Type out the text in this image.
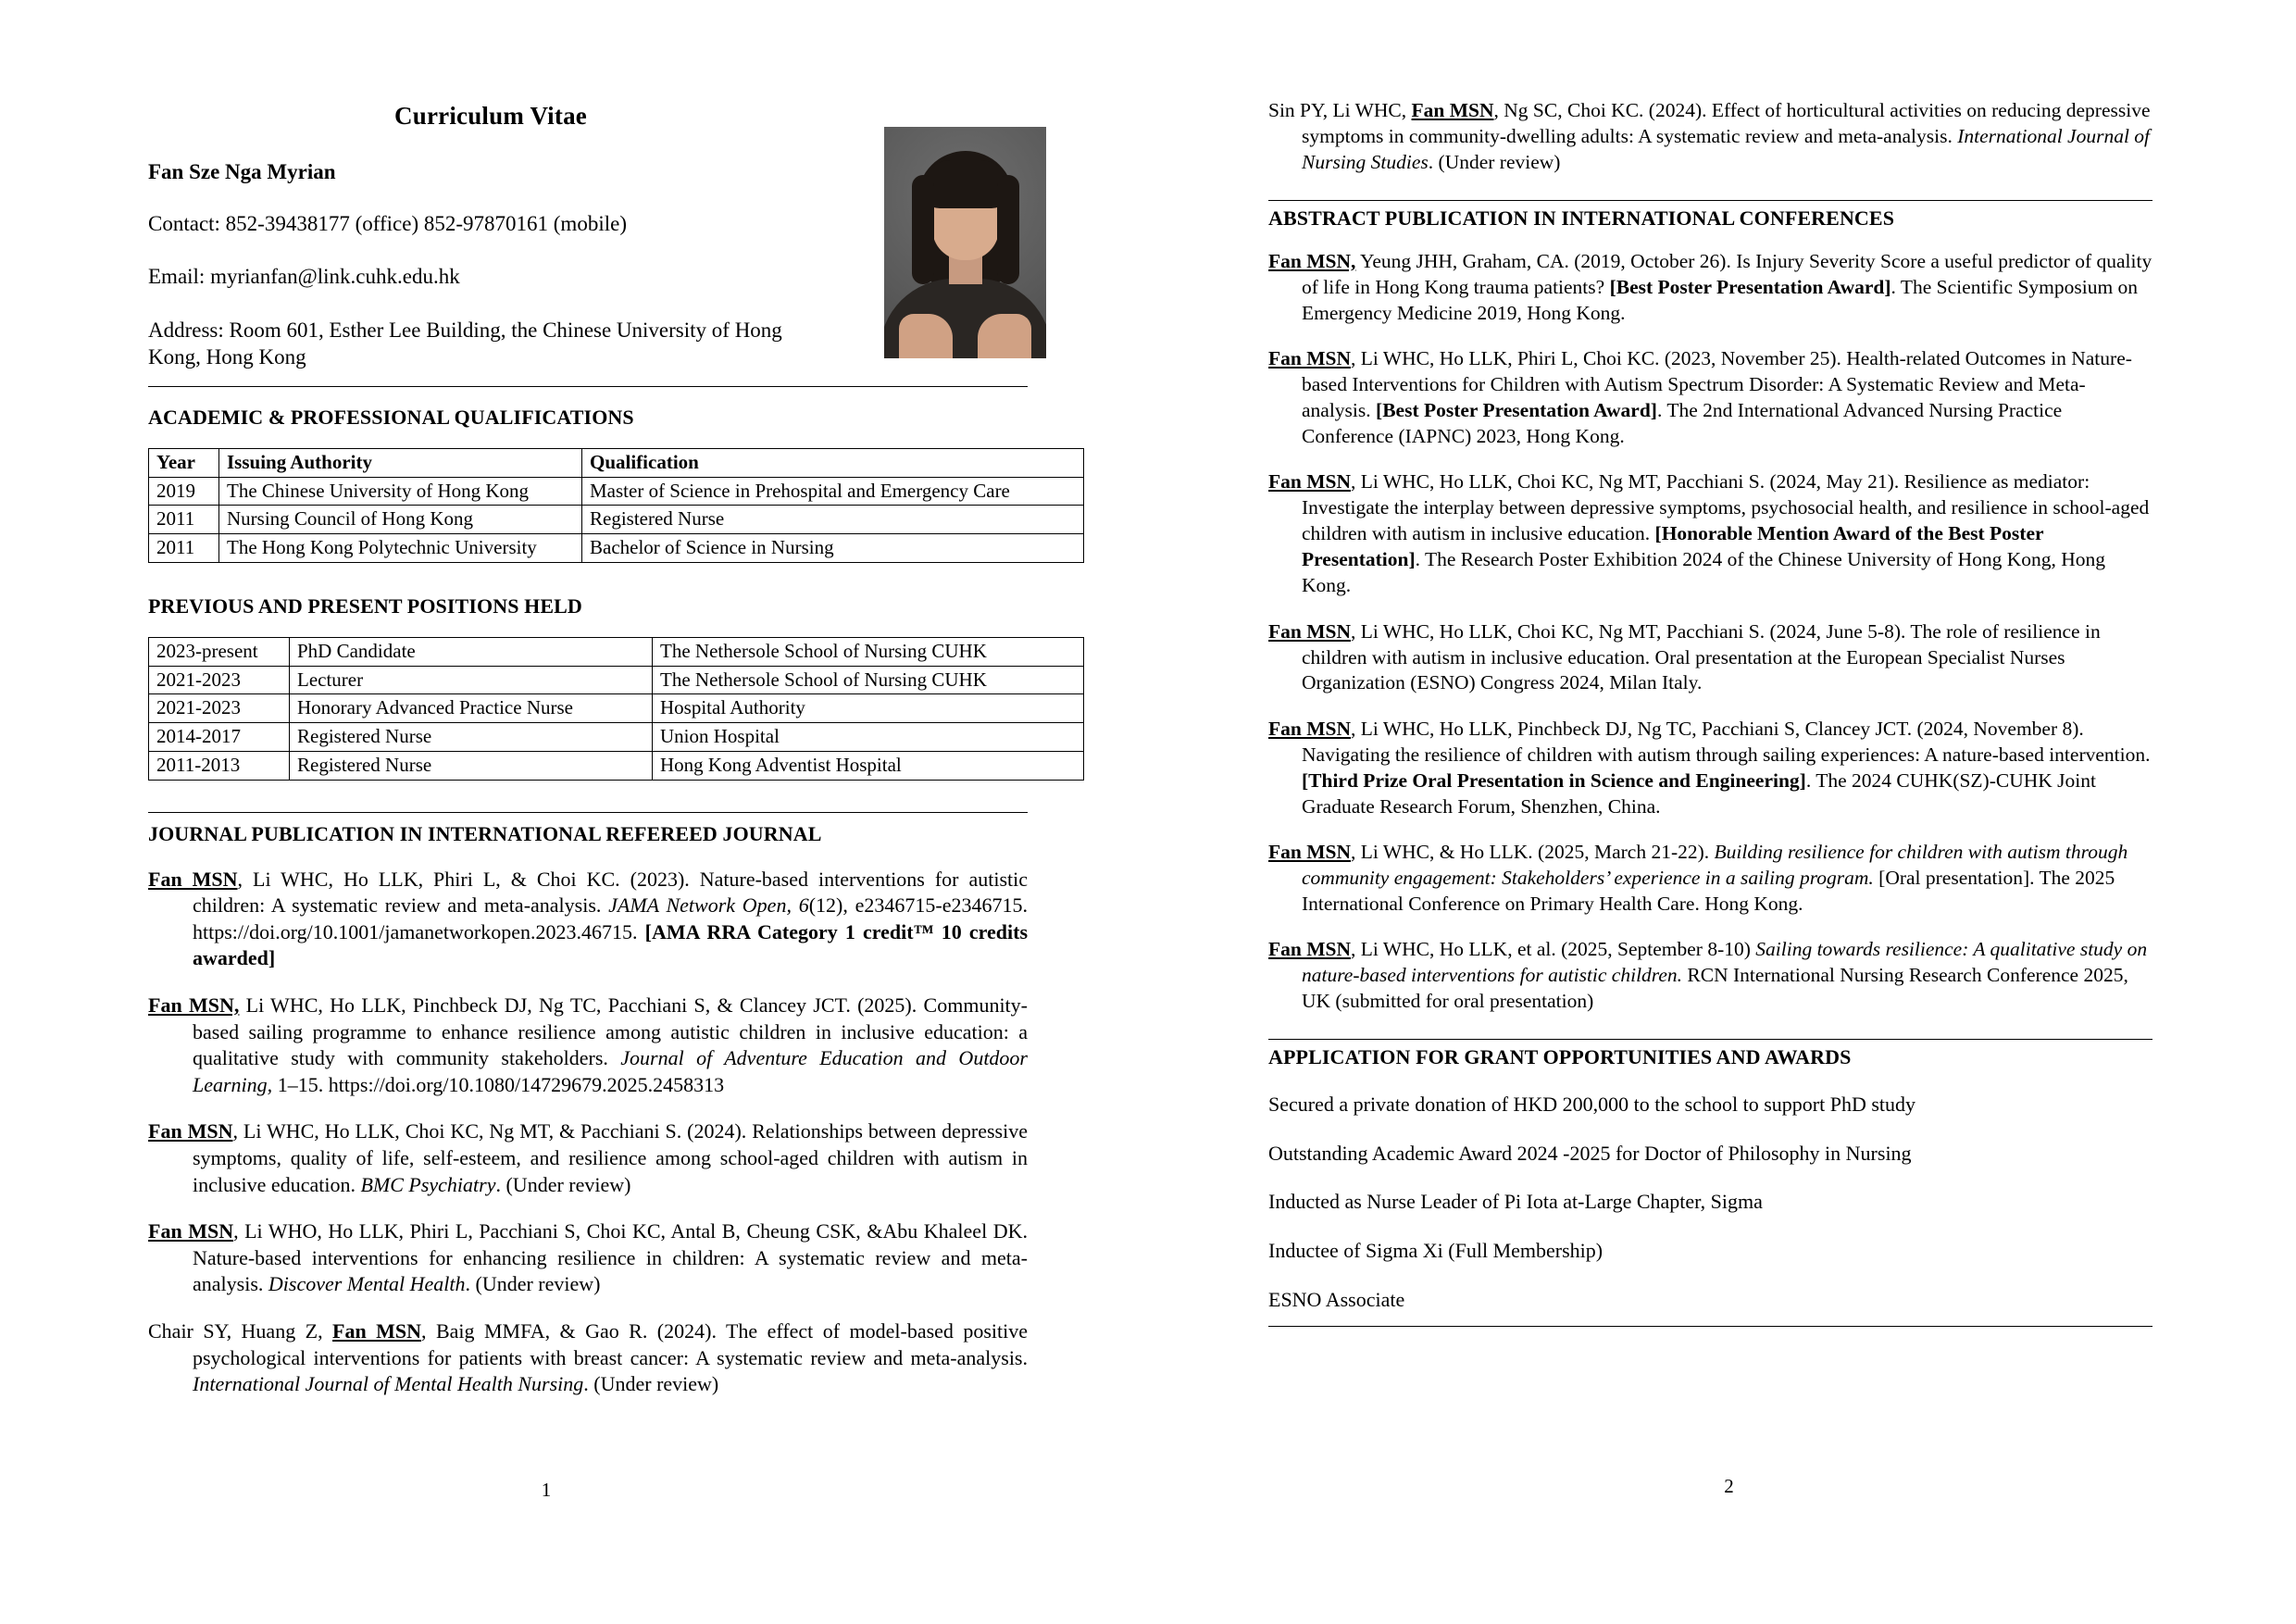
Curriculum Vitae
Fan Sze Nga Myrian
Contact: 852-39438177 (office) 852-97870161 (mobile)
Email: myrianfan@link.cuhk.edu.hk
Address: Room 601, Esther Lee Building, the Chinese University of Hong Kong, Hong Kong
ACADEMIC & PROFESSIONAL QUALIFICATIONS
Year	Issuing Authority	Qualification
2019	The Chinese University of Hong Kong	Master of Science in Prehospital and Emergency Care
2011	Nursing Council of Hong Kong	Registered Nurse
2011	The Hong Kong Polytechnic University	Bachelor of Science in Nursing
PREVIOUS AND PRESENT POSITIONS HELD
2023-present	PhD Candidate	The Nethersole School of Nursing CUHK
2021-2023	Lecturer	The Nethersole School of Nursing CUHK
2021-2023	Honorary Advanced Practice Nurse	Hospital Authority
2014-2017	Registered Nurse	Union Hospital
2011-2013	Registered Nurse	Hong Kong Adventist Hospital
JOURNAL PUBLICATION IN INTERNATIONAL REFEREED JOURNAL

Fan MSN, Li WHC, Ho LLK, Phiri L, & Choi KC. (2023). Nature-based interventions for autistic children: A systematic review and meta-analysis. JAMA Network Open, 6(12), e2346715-e2346715. https://doi.org/10.1001/jamanetworkopen.2023.46715. [AMA RRA Category 1 credit™ 10 credits awarded]

Fan MSN, Li WHC, Ho LLK, Pinchbeck DJ, Ng TC, Pacchiani S, & Clancey JCT. (2025). Community-based sailing programme to enhance resilience among autistic children in inclusive education: a qualitative study with community stakeholders. Journal of Adventure Education and Outdoor Learning, 1–15. https://doi.org/10.1080/14729679.2025.2458313

Fan MSN, Li WHC, Ho LLK, Choi KC, Ng MT, & Pacchiani S. (2024). Relationships between depressive symptoms, quality of life, self-esteem, and resilience among school-aged children with autism in inclusive education. BMC Psychiatry. (Under review)

Fan MSN, Li WHO, Ho LLK, Phiri L, Pacchiani S, Choi KC, Antal B, Cheung CSK, &Abu Khaleel DK. Nature-based interventions for enhancing resilience in children: A systematic review and meta-analysis. Discover Mental Health. (Under review)

Chair SY, Huang Z, Fan MSN, Baig MMFA, & Gao R. (2024). The effect of model-based positive psychological interventions for patients with breast cancer: A systematic review and meta-analysis. International Journal of Mental Health Nursing. (Under review)

1

Sin PY, Li WHC, Fan MSN, Ng SC, Choi KC. (2024). Effect of horticultural activities on reducing depressive symptoms in community-dwelling adults: A systematic review and meta-analysis. International Journal of Nursing Studies. (Under review)

ABSTRACT PUBLICATION IN INTERNATIONAL CONFERENCES

Fan MSN, Yeung JHH, Graham, CA. (2019, October 26). Is Injury Severity Score a useful predictor of quality of life in Hong Kong trauma patients? [Best Poster Presentation Award]. The Scientific Symposium on Emergency Medicine 2019, Hong Kong.

Fan MSN, Li WHC, Ho LLK, Phiri L, Choi KC. (2023, November 25). Health-related Outcomes in Nature-based Interventions for Children with Autism Spectrum Disorder: A Systematic Review and Meta-analysis. [Best Poster Presentation Award]. The 2nd International Advanced Nursing Practice Conference (IAPNC) 2023, Hong Kong.

Fan MSN, Li WHC, Ho LLK, Choi KC, Ng MT, Pacchiani S. (2024, May 21). Resilience as mediator: Investigate the interplay between depressive symptoms, psychosocial health, and resilience in school-aged children with autism in inclusive education. [Honorable Mention Award of the Best Poster Presentation]. The Research Poster Exhibition 2024 of the Chinese University of Hong Kong, Hong Kong.

Fan MSN, Li WHC, Ho LLK, Choi KC, Ng MT, Pacchiani S. (2024, June 5-8). The role of resilience in children with autism in inclusive education. Oral presentation at the European Specialist Nurses Organization (ESNO) Congress 2024, Milan Italy.

Fan MSN, Li WHC, Ho LLK, Pinchbeck DJ, Ng TC, Pacchiani S, Clancey JCT. (2024, November 8). Navigating the resilience of children with autism through sailing experiences: A nature-based intervention. [Third Prize Oral Presentation in Science and Engineering]. The 2024 CUHK(SZ)-CUHK Joint Graduate Research Forum, Shenzhen, China.

Fan MSN, Li WHC, & Ho LLK. (2025, March 21-22). Building resilience for children with autism through community engagement: Stakeholders’ experience in a sailing program. [Oral presentation]. The 2025 International Conference on Primary Health Care. Hong Kong.

Fan MSN, Li WHC, Ho LLK, et al. (2025, September 8-10) Sailing towards resilience: A qualitative study on nature-based interventions for autistic children. RCN International Nursing Research Conference 2025, UK (submitted for oral presentation)

APPLICATION FOR GRANT OPPORTUNITIES AND AWARDS
Secured a private donation of HKD 200,000 to the school to support PhD study
Outstanding Academic Award 2024 -2025 for Doctor of Philosophy in Nursing
Inducted as Nurse Leader of Pi Iota at-Large Chapter, Sigma
Inductee of Sigma Xi (Full Membership)
ESNO Associate
2
